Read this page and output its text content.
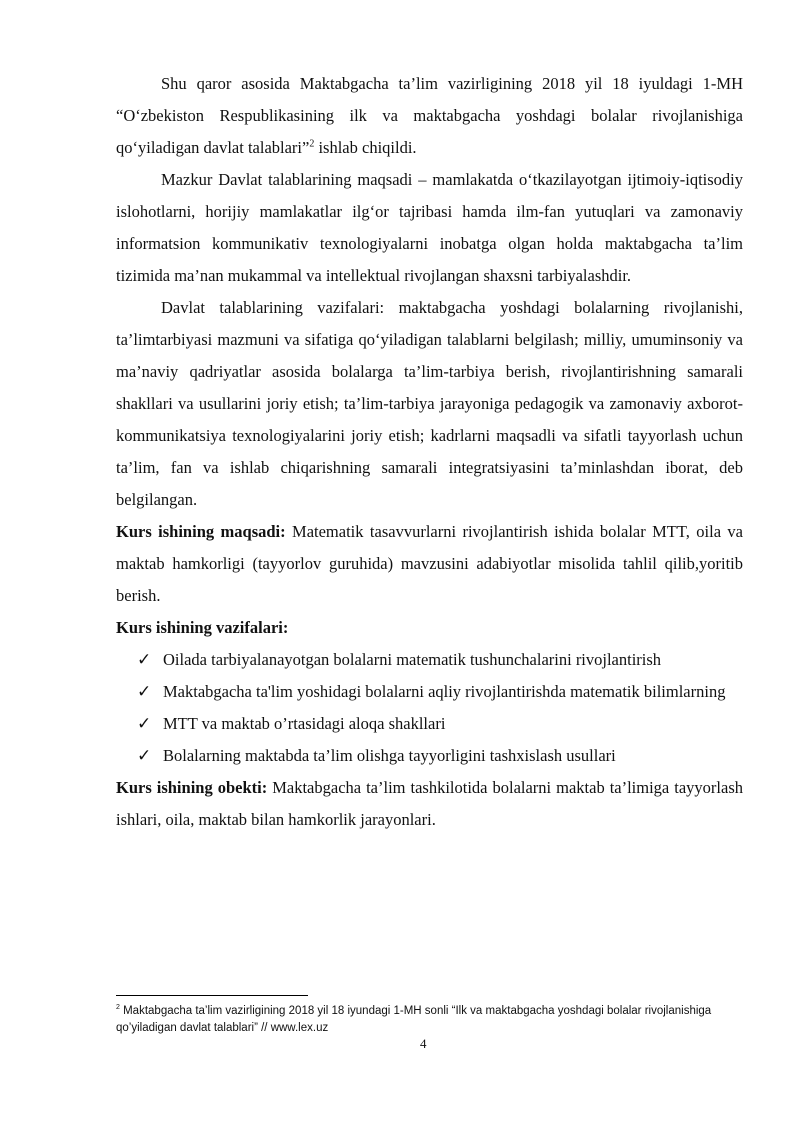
Shu qaror asosida Maktabgacha ta’lim vazirligining 2018 yil 18 iyuldagi 1-MH “O‘zbekiston Respublikasining ilk va maktabgacha yoshdagi bolalar rivojlanishiga qo‘yiladigan davlat talablari”$^2$ ishlab chiqildi.

Mazkur Davlat talablarining maqsadi – mamlakatda o‘tkazilayotgan ijtimoiy-iqtisodiy islohotlarni, horijiy mamlakatlar ilg‘or tajribasi hamda ilm-fan yutuqlari va zamonaviy informatsion kommunikativ texnologiyalarni inobatga olgan holda maktabgacha ta’lim tizimida ma’nan mukammal va intellektual rivojlangan shaxsni tarbiyalashdir.

Davlat talablarining vazifalari: maktabgacha yoshdagi bolalarning rivojlanishi, ta’limtarbiyasi mazmuni va sifatiga qo‘yiladigan talablarni belgilash; milliy, umuminsoniy va ma’naviy qadriyatlar asosida bolalarga ta’lim-tarbiya berish, rivojlantirishning samarali shakllari va usullarini joriy etish; ta’lim-tarbiya jarayoniga pedagogik va zamonaviy axborot-kommunikatsiya texnologiyalarini joriy etish; kadrlarni maqsadli va sifatli tayyorlash uchun ta’lim, fan va ishlab chiqarishning samarali integratsiyasini ta’minlashdan iborat, deb belgilangan.

Kurs ishining maqsadi: Matematik tasavvurlarni rivojlantirish ishida bolalar MTT, oila va maktab hamkorligi (tayyorlov guruhida) mavzusini adabiyotlar misolida tahlil qilib,yoritib berish.

Kurs ishining vazifalari:

✓ Oilada tarbiyalanayotgan bolalarni matematik tushunchalarini rivojlantirish
✓ Maktabgacha ta'lim yoshidagi bolalarni aqliy rivojlantirishda matematik bilimlarning
✓ MTT va maktab o’rtasidagi aloqa shakllari
✓ Bolalarning maktabda ta’lim olishga tayyorligini tashxislash usullari

Kurs ishining obekti: Maktabgacha ta’lim tashkilotida bolalarni maktab ta’limiga tayyorlash ishlari, oila, maktab bilan hamkorlik jarayonlari.

$^2$ Maktabgacha ta’lim vazirligining 2018 yil 18 iyundagi 1-MH sonli “Ilk va maktabgacha yoshdagi bolalar rivojlanishiga qo’yiladigan davlat talablari” // www.lex.uz
4
